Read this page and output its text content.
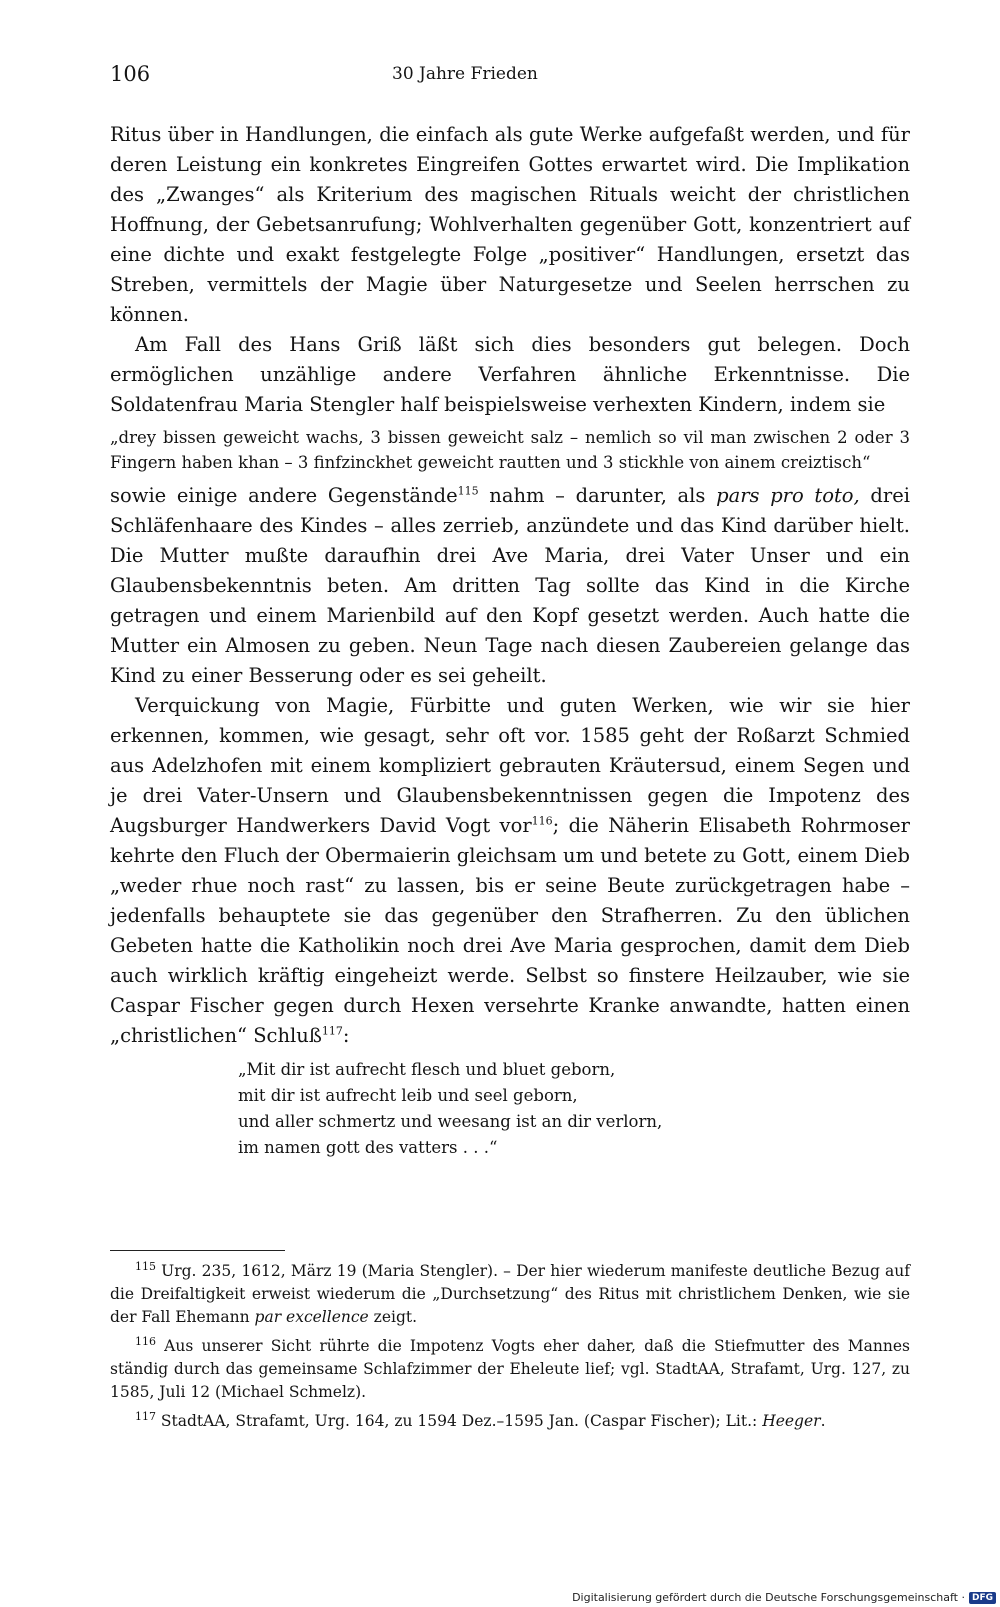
106	30 Jahre Frieden

Ritus über in Handlungen, die einfach als gute Werke aufgefaßt werden, und für deren Leistung ein konkretes Eingreifen Gottes erwartet wird. Die Implikation des „Zwanges“ als Kriterium des magischen Rituals weicht der christlichen Hoffnung, der Gebetsanrufung; Wohlverhalten gegenüber Gott, konzentriert auf eine dichte und exakt festgelegte Folge „positiver“ Handlungen, ersetzt das Streben, vermittels der Magie über Naturgesetze und Seelen herrschen zu können.

Am Fall des Hans Griß läßt sich dies besonders gut belegen. Doch ermöglichen unzählige andere Verfahren ähnliche Erkenntnisse. Die Soldatenfrau Maria Stengler half beispielsweise verhexten Kindern, indem sie

„drey bissen geweicht wachs, 3 bissen geweicht salz – nemlich so vil man zwischen 2 oder 3 Fingern haben khan – 3 finfzinckhet geweicht rautten und 3 stickhle von ainem creiztisch“

sowie einige andere Gegenstände$^{115}$ nahm – darunter, als pars pro toto, drei Schläfenhaare des Kindes – alles zerrieb, anzündete und das Kind darüber hielt. Die Mutter mußte daraufhin drei Ave Maria, drei Vater Unser und ein Glaubensbekenntnis beten. Am dritten Tag sollte das Kind in die Kirche getragen und einem Marienbild auf den Kopf gesetzt werden. Auch hatte die Mutter ein Almosen zu geben. Neun Tage nach diesen Zaubereien gelange das Kind zu einer Besserung oder es sei geheilt.

Verquickung von Magie, Fürbitte und guten Werken, wie wir sie hier erkennen, kommen, wie gesagt, sehr oft vor. 1585 geht der Roßarzt Schmied aus Adelzhofen mit einem kompliziert gebrauten Kräutersud, einem Segen und je drei Vater-Unsern und Glaubensbekenntnissen gegen die Impotenz des Augsburger Handwerkers David Vogt vor$^{116}$; die Näherin Elisabeth Rohrmoser kehrte den Fluch der Obermaierin gleichsam um und betete zu Gott, einem Dieb „weder rhue noch rast“ zu lassen, bis er seine Beute zurückgetragen habe – jedenfalls behauptete sie das gegenüber den Strafherren. Zu den üblichen Gebeten hatte die Katholikin noch drei Ave Maria gesprochen, damit dem Dieb auch wirklich kräftig eingeheizt werde. Selbst so finstere Heilzauber, wie sie Caspar Fischer gegen durch Hexen versehrte Kranke anwandte, hatten einen „christlichen“ Schluß$^{117}$:

„Mit dir ist aufrecht flesch und bluet geborn,
mit dir ist aufrecht leib und seel geborn,
und aller schmertz und weesang ist an dir verlorn,
im namen gott des vatters . . .“

$^{115}$ Urg. 235, 1612, März 19 (Maria Stengler). – Der hier wiederum manifeste deutliche Bezug auf die Dreifaltigkeit erweist wiederum die „Durchsetzung“ des Ritus mit christlichem Denken, wie sie der Fall Ehemann par excellence zeigt.

$^{116}$ Aus unserer Sicht rührte die Impotenz Vogts eher daher, daß die Stiefmutter des Mannes ständig durch das gemeinsame Schlafzimmer der Eheleute lief; vgl. StadtAA, Strafamt, Urg. 127, zu 1585, Juli 12 (Michael Schmelz).

$^{117}$ StadtAA, Strafamt, Urg. 164, zu 1594 Dez.–1595 Jan. (Caspar Fischer); Lit.: Heeger.

Digitalisierung gefördert durch die Deutsche Forschungsgemeinschaft · DFG
